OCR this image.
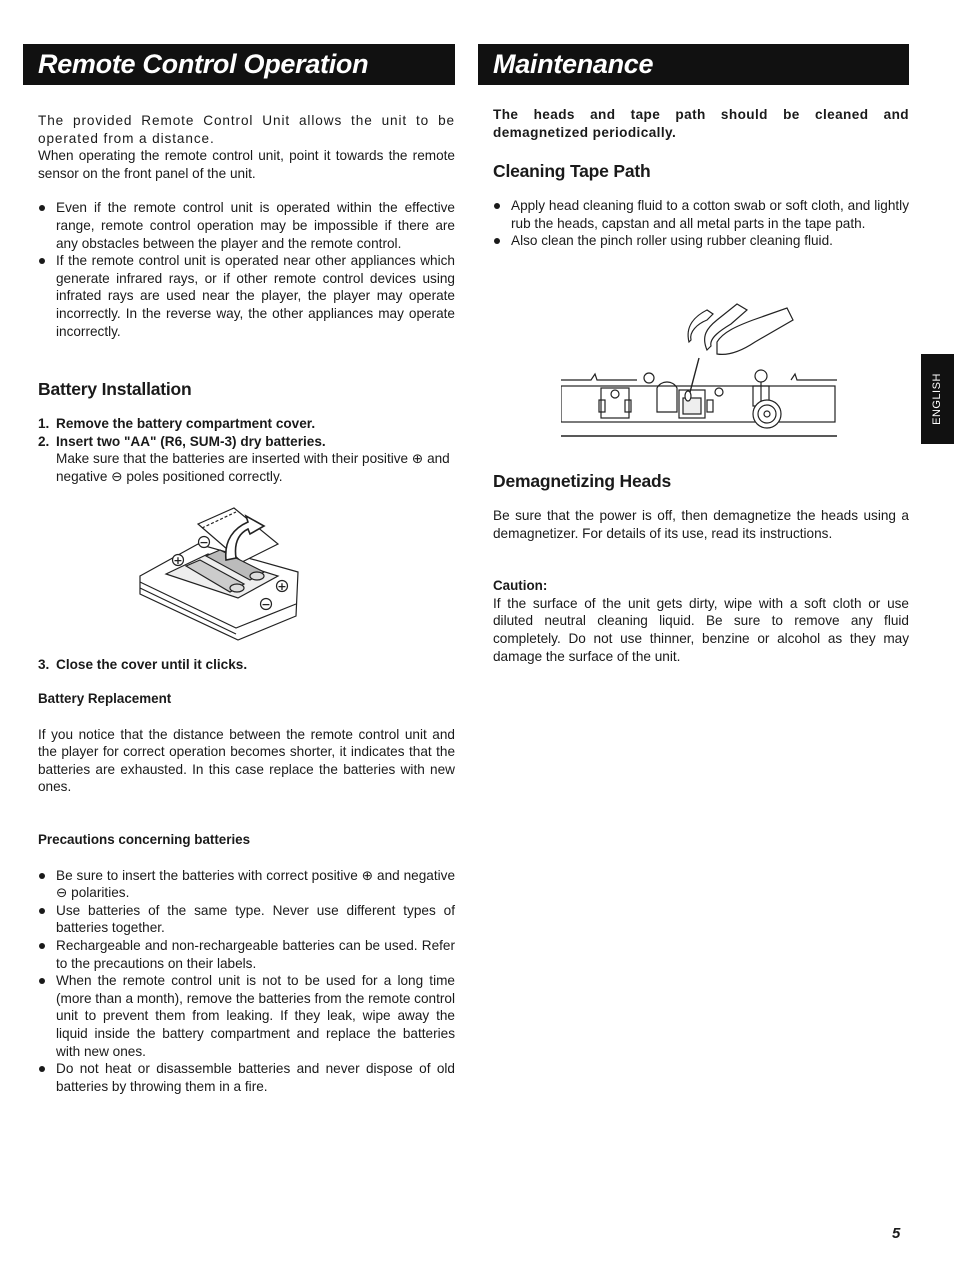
Remote Control Operation

The provided Remote Control Unit allows the unit to be operated from a distance.

When operating the remote control unit, point it towards the remote sensor on the front panel of the unit.

Even if the remote control unit is operated within the effective range, remote control operation may be impossible if there are any obstacles between the player and the remote control.
If the remote control unit is operated near other appliances which generate infrared rays, or if other remote control devices using infrated rays are used near the player, the player may operate incorrectly. In the reverse way, the other appliances may operate incorrectly.
Battery Installation
1. Remove the battery compartment cover.
2. Insert two "AA" (R6, SUM-3) dry batteries.
Make sure that the batteries are inserted with their positive ⊕ and negative ⊖ poles positioned correctly.
+
−
+
−
3. Close the cover until it clicks.
Battery Replacement

If you notice that the distance between the remote control unit and the player for correct operation becomes shorter, it indicates that the batteries are exhausted. In this case replace the batteries with new ones.

Precautions concerning batteries
Be sure to insert the batteries with correct positive ⊕ and negative ⊖ polarities.
Use batteries of the same type. Never use different types of batteries together.
Rechargeable and non-rechargeable batteries can be used. Refer to the precautions on their labels.
When the remote control unit is not to be used for a long time (more than a month), remove the batteries from the remote control unit to prevent them from leaking. If they leak, wipe away the liquid inside the battery compartment and replace the batteries with new ones.
Do not heat or disassemble batteries and never dispose of old batteries by throwing them in a fire.
Maintenance

The heads and tape path should be cleaned and demagnetized periodically.

Cleaning Tape Path
Apply head cleaning fluid to a cotton swab or soft cloth, and lightly rub the heads, capstan and all metal parts in the tape path.
Also clean the pinch roller using rubber cleaning fluid.
Demagnetizing Heads

Be sure that the power is off, then demagnetize the heads using a demagnetizer. For details of its use, read its instructions.

Caution:

If the surface of the unit gets dirty, wipe with a soft cloth or use diluted neutral cleaning liquid. Be sure to remove any fluid completely. Do not use thinner, benzine or alcohol as they may damage the surface of the unit.

ENGLISH
5
